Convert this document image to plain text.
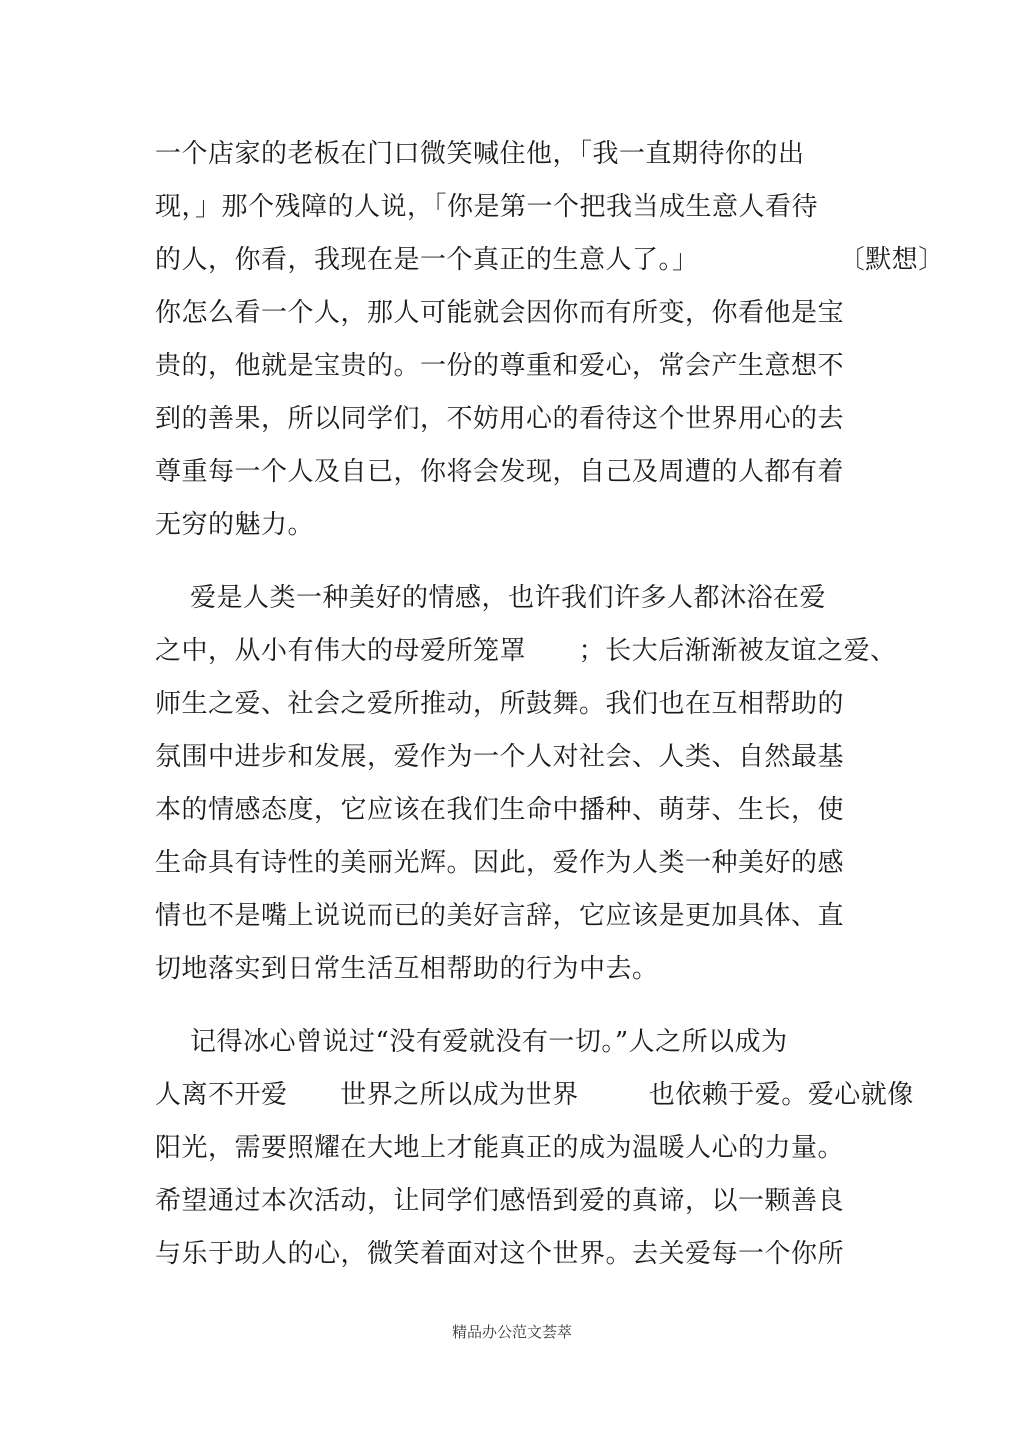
一个店家的老板在门口微笑喊住他，「我一直期待你的出
现，」那个残障的人说，「你是第一个把我当成生意人看待
的人，你看，我现在是一个真正的生意人了。」                〔默想〕
你怎么看一个人，那人可能就会因你而有所变，你看他是宝
贵的，他就是宝贵的。一份的尊重和爱心，常会产生意想不
到的善果，所以同学们，不妨用心的看待这个世界用心的去
尊重每一个人及自已，你将会发现，自己及周遭的人都有着
无穷的魅力。
爱是人类一种美好的情感，也许我们许多人都沐浴在爱
之中，从小有伟大的母爱所笼罩      ；长大后渐渐被友谊之爱、
师生之爱、社会之爱所推动，所鼓舞。我们也在互相帮助的
氛围中进步和发展，爱作为一个人对社会、人类、自然最基
本的情感态度，它应该在我们生命中播种、萌芽、生长，使
生命具有诗性的美丽光辉。因此，爱作为人类一种美好的感
情也不是嘴上说说而已的美好言辞，它应该是更加具体、直
切地落实到日常生活互相帮助的行为中去。
记得冰心曾说过“没有爱就没有一切。”人之所以成为
人离不开爱      世界之所以成为世界        也依赖于爱。爱心就像
阳光，需要照耀在大地上才能真正的成为温暖人心的力量。
希望通过本次活动，让同学们感悟到爱的真谛，以一颗善良
与乐于助人的心，微笑着面对这个世界。去关爱每一个你所
精品办公范文荟萃
